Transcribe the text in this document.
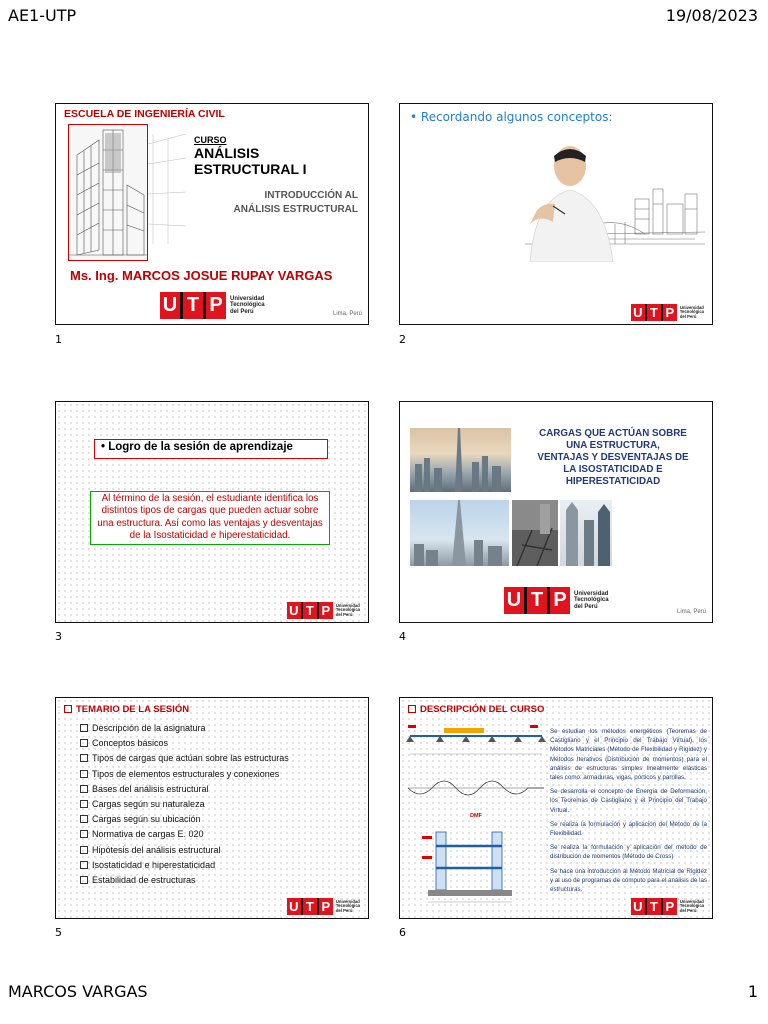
AE1-UTP	19/08/2023
MARCOS VARGAS	1
ESCUELA DE INGENIERÍA CIVIL
CURSO
ANÁLISIS
ESTRUCTURAL I
INTRODUCCIÓN AL
ANÁLISIS ESTRUCTURAL
Ms. Ing. MARCOS JOSUE RUPAY VARGAS
U T P	Universidad
Tecnológica
del Perú	Lima, Perú
1
• Recordando algunos conceptos:
U T P	Universidad
Tecnológica
del Perú
2
• Logro de la sesión de aprendizaje
Al término de la sesión, el estudiante identifica los distintos tipos de cargas que pueden actuar sobre una estructura. Así como las ventajas y desventajas de la Isostaticidad e hiperestaticidad.
U T P	Universidad
Tecnológica
del Perú
3
CARGAS QUE ACTÚAN SOBRE
UNA ESTRUCTURA,
VENTAJAS Y DESVENTAJAS DE
LA ISOSTATICIDAD E
HIPERESTATICIDAD
U T P	Universidad
Tecnológica
del Perú
Lima, Perú
4
TEMARIO DE LA SESIÓN
Descripción de la asignatura
Conceptos básicos
Tipos de cargas que actúan sobre las estructuras
Tipos de elementos estructurales y conexiones
Bases del análisis estructural
Cargas según su naturaleza
Cargas según su ubicación
Normativa de cargas E. 020
Hipótesis del análisis estructural
Isostaticidad e hiperestaticidad
Estabilidad de estructuras
U T P	Universidad
Tecnológica
del Perú
5
DESCRIPCIÓN DEL CURSO
DMF

Se estudian los métodos energéticos (Teoremas de Castigliano y el Principio del Trabajo Virtual), los Métodos Matriciales (Método de Flexibilidad y Rigidez) y Métodos Iterativos (Distribución de momentos) para el análisis de estructuras simples linealmente elásticas tales como: armaduras, vigas, pórticos y parrillas.

Se desarrolla el concepto de Energía de Deformación, los Teoremas de Castigliano y el Principio del Trabajo Virtual.

Se realiza la formulación y aplicación del Método de la Flexibilidad.

Se realiza la formulación y aplicación del método de distribución de momentos (Método de Cross)

Se hace una introducción al Método Matricial de Rigidez y al uso de programas de cómputo para el análisis de las estructuras.

U T P	Universidad
Tecnológica
del Perú
6
